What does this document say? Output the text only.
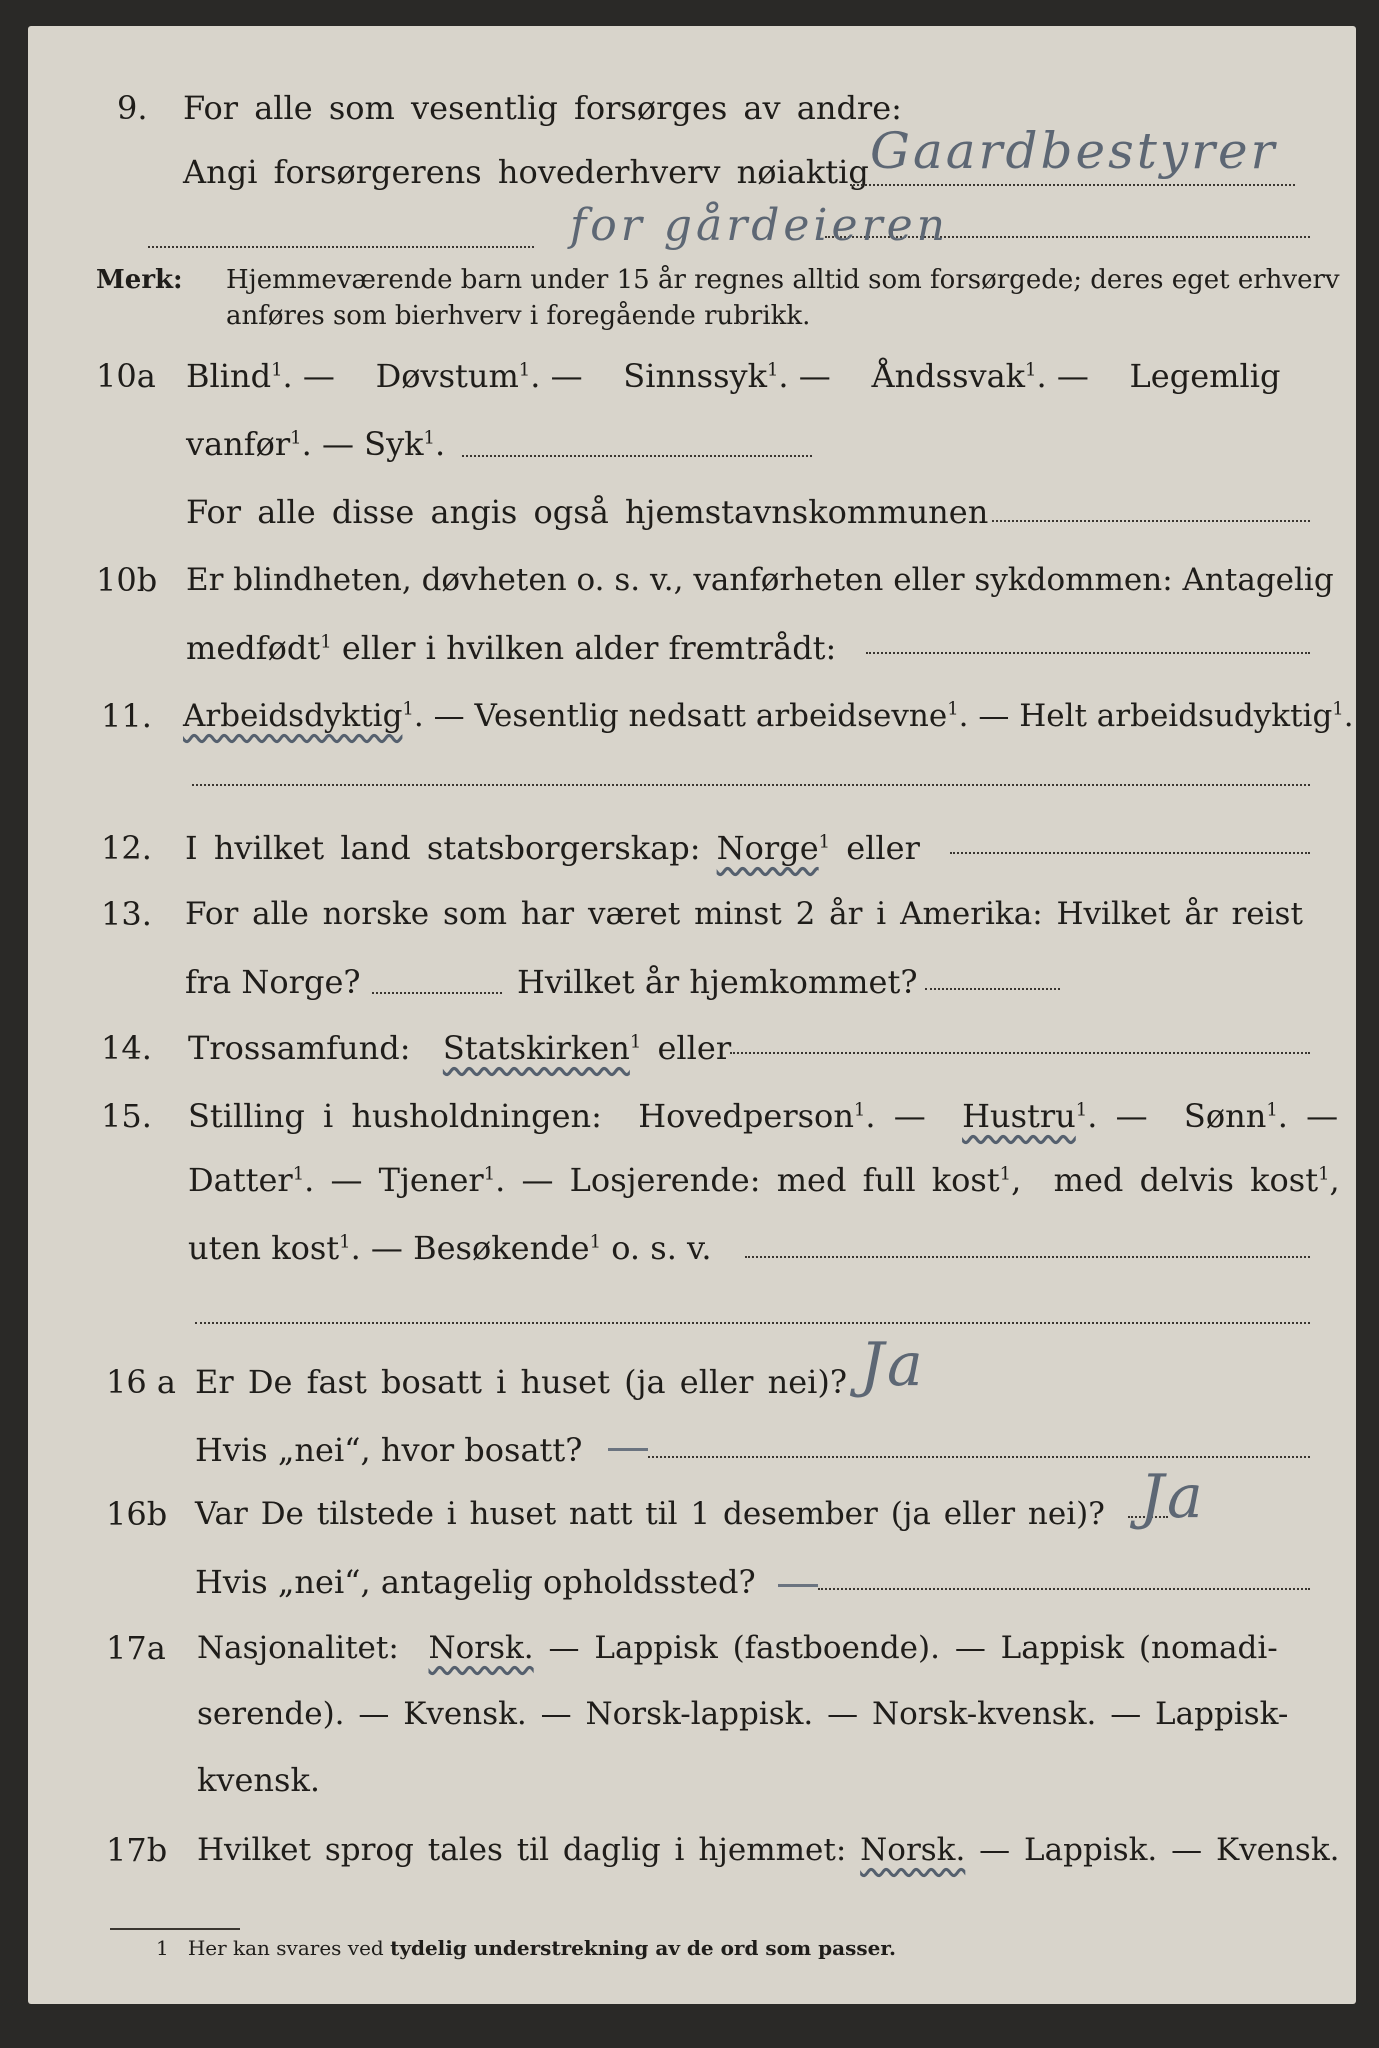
9. For alle som vesentlig forsørges av andre:
Angi forsørgerens hovederhverv nøiaktig Gaardbestyrer
for gårdeieren
Merk: Hjemmeværende barn under 15 år regnes alltid som forsørgede; deres eget erhverv
anføres som bierhverv i foregående rubrikk.
10a Blind$^1$. —    Døvstum$^1$. —    Sinnssyk$^1$. —    Åndssvak$^1$. —    Legemlig
vanfør$^1$. — Syk$^1$.
For alle disse angis også hjemstavnskommunen
10b Er blindheten, døvheten o. s. v., vanførheten eller sykdommen: Antagelig
medfødt$^1$ eller i hvilken alder fremtrådt:
11. Arbeidsdyktig$^1$. — Vesentlig nedsatt arbeidsevne$^1$. — Helt arbeidsudyktig$^1$.
12. I hvilket land statsborgerskap: Norge$^1$ eller
13. For alle norske som har været minst 2 år i Amerika: Hvilket år reist
fra Norge?	Hvilket år hjemkommet?
14. Trossamfund: Statskirken$^1$ eller
15. Stilling i husholdningen: Hovedperson$^1$. —  Hustru$^1$. —  Sønn$^1$. —
Datter$^1$. — Tjener$^1$. — Losjerende: med full kost$^1$,  med delvis kost$^1$,
uten kost$^1$. — Besøkende$^1$ o. s. v.
16 a Er De fast bosatt i huset (ja eller nei)? Ja
Hvis „nei“, hvor bosatt?
16b Var De tilstede i huset natt til 1 desember (ja eller nei)? Ja
Hvis „nei“, antagelig opholdssted?
17a Nasjonalitet: Norsk. — Lappisk (fastboende). — Lappisk (nomadi-
serende). — Kvensk. — Norsk-lappisk. — Norsk-kvensk. — Lappisk-
kvensk.
17b Hvilket sprog tales til daglig i hjemmet: Norsk. — Lappisk. — Kvensk.
1 Her kan svares ved tydelig understrekning av de ord som passer.
